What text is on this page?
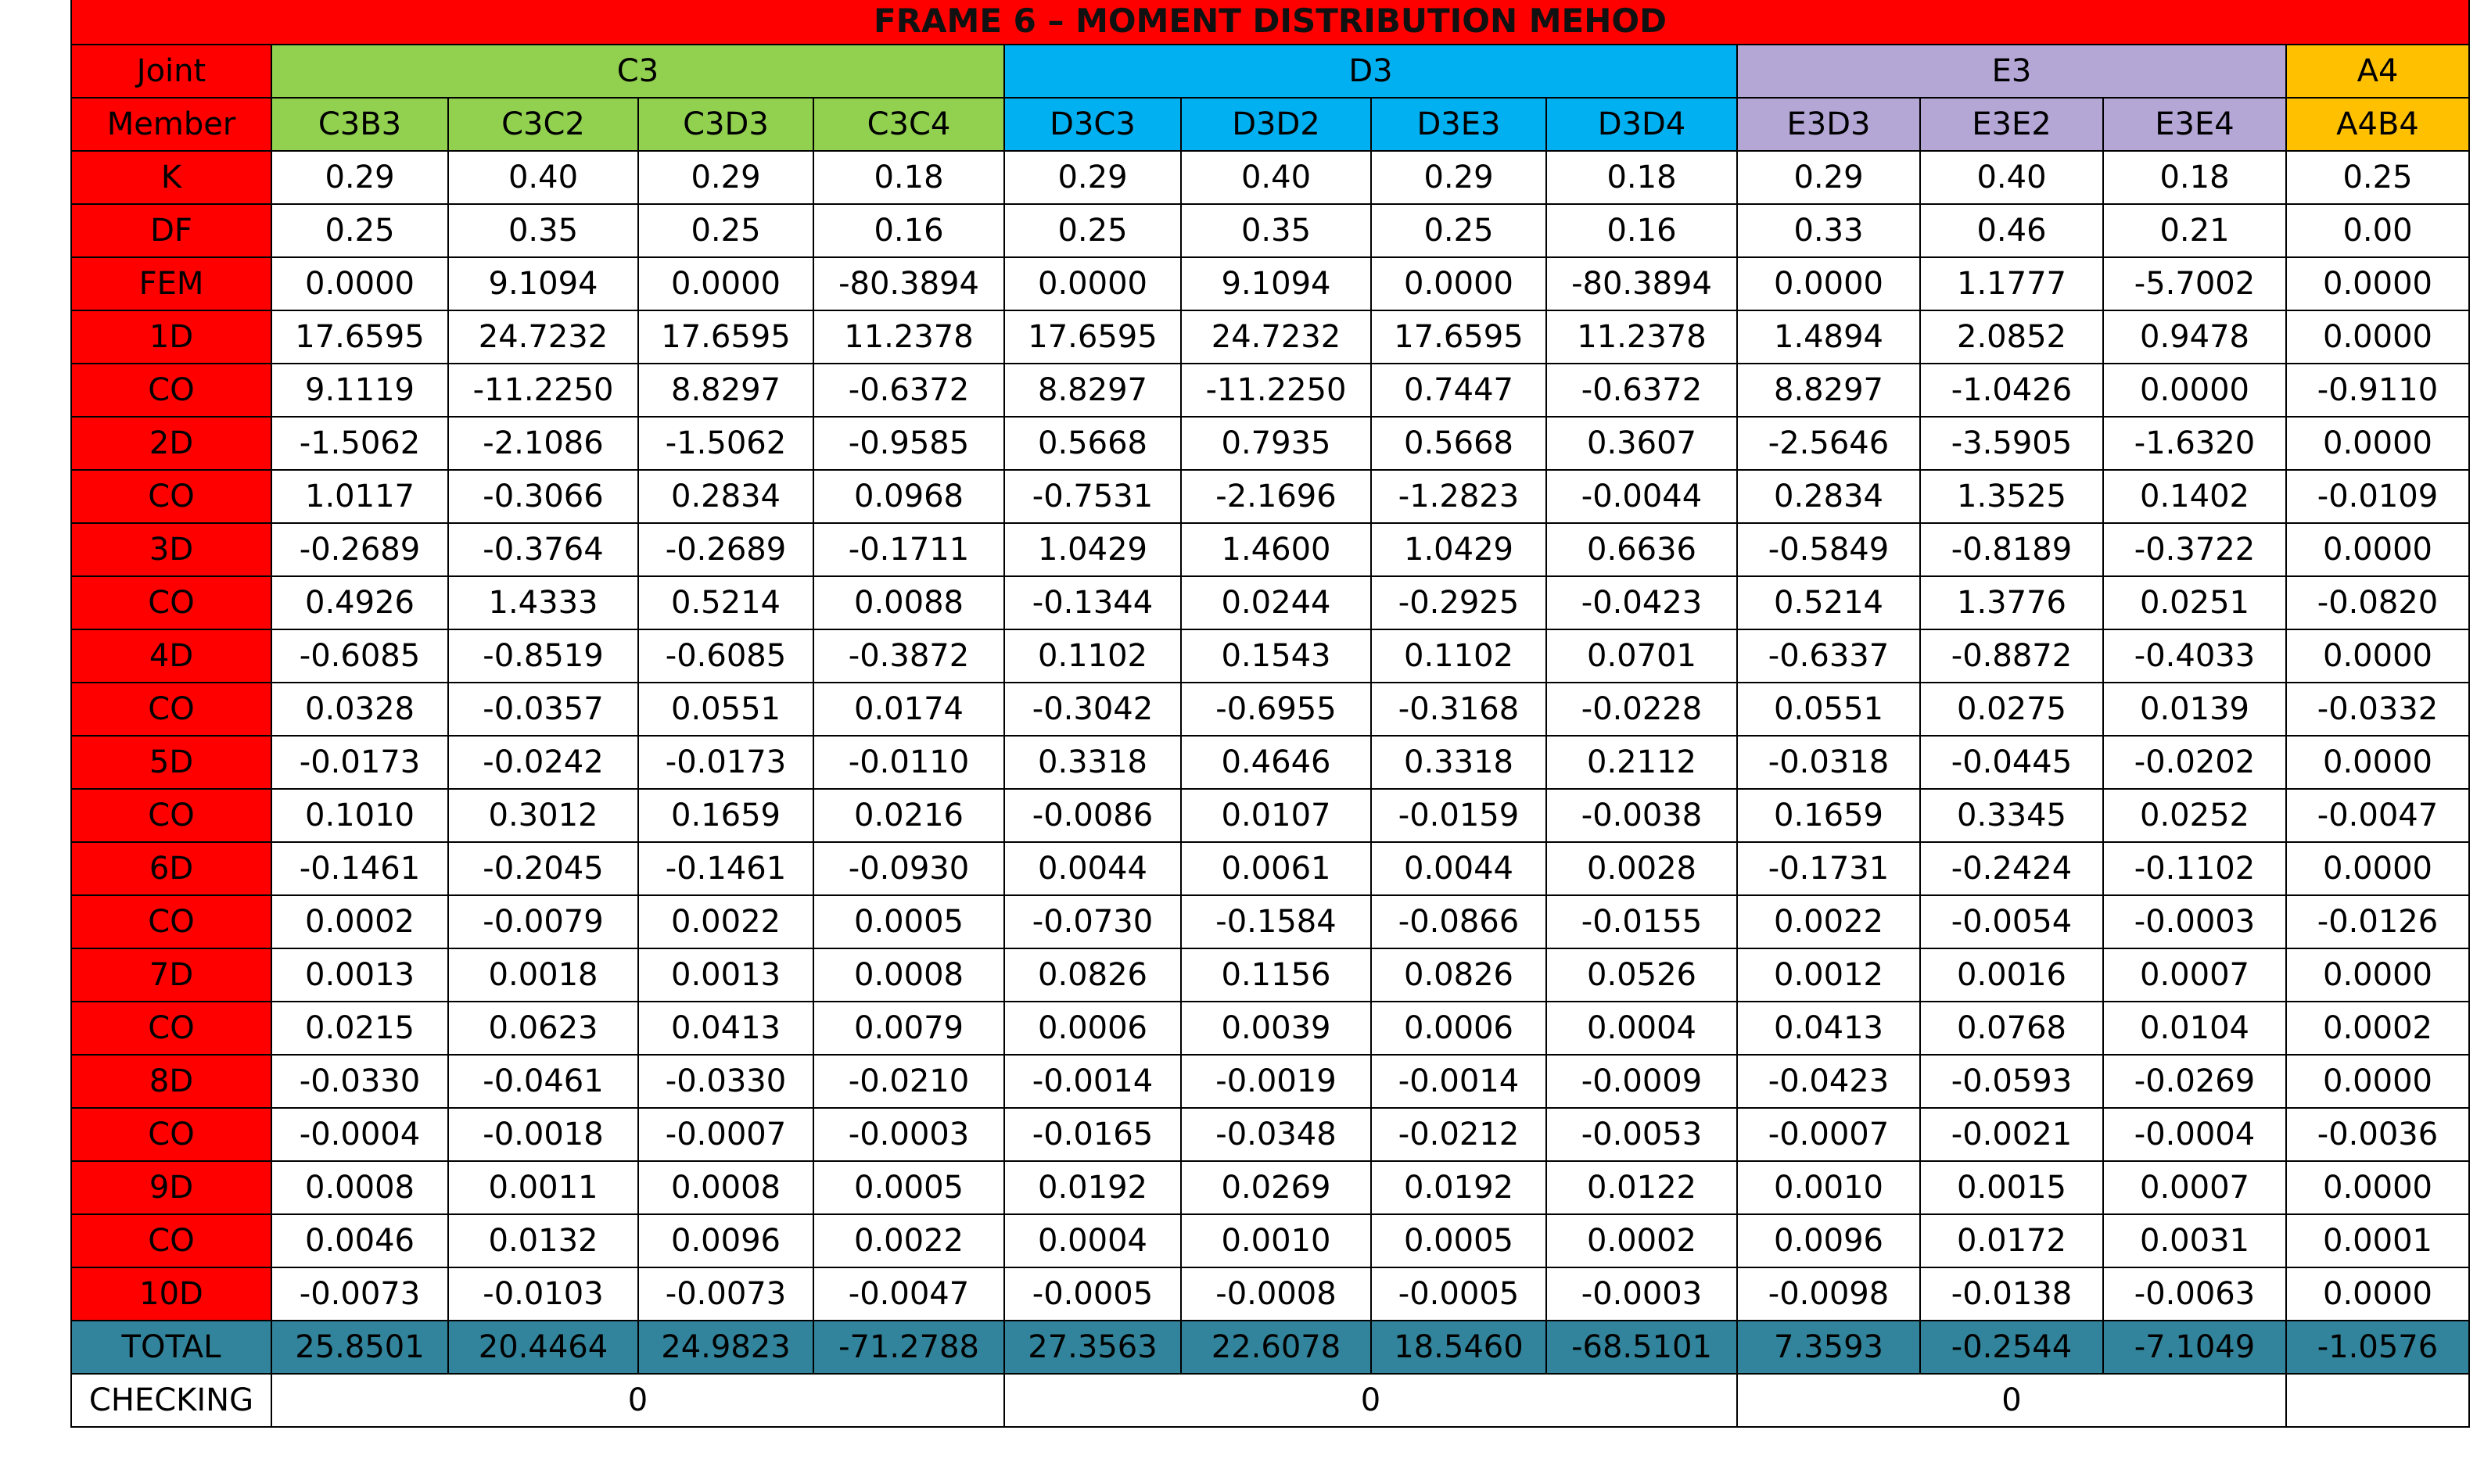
FRAME 6 – MOMENT DISTRIBUTION MEHOD												
Joint	C3				D3				E3			A4
Member	C3B3	C3C2	C3D3	C3C4	D3C3	D3D2	D3E3	D3D4	E3D3	E3E2	E3E4	A4B4
K	0.29	0.40	0.29	0.18	0.29	0.40	0.29	0.18	0.29	0.40	0.18	0.25
DF	0.25	0.35	0.25	0.16	0.25	0.35	0.25	0.16	0.33	0.46	0.21	0.00
FEM	0.0000	9.1094	0.0000	-80.3894	0.0000	9.1094	0.0000	-80.3894	0.0000	1.1777	-5.7002	0.0000
1D	17.6595	24.7232	17.6595	11.2378	17.6595	24.7232	17.6595	11.2378	1.4894	2.0852	0.9478	0.0000
CO	9.1119	-11.2250	8.8297	-0.6372	8.8297	-11.2250	0.7447	-0.6372	8.8297	-1.0426	0.0000	-0.9110
2D	-1.5062	-2.1086	-1.5062	-0.9585	0.5668	0.7935	0.5668	0.3607	-2.5646	-3.5905	-1.6320	0.0000
CO	1.0117	-0.3066	0.2834	0.0968	-0.7531	-2.1696	-1.2823	-0.0044	0.2834	1.3525	0.1402	-0.0109
3D	-0.2689	-0.3764	-0.2689	-0.1711	1.0429	1.4600	1.0429	0.6636	-0.5849	-0.8189	-0.3722	0.0000
CO	0.4926	1.4333	0.5214	0.0088	-0.1344	0.0244	-0.2925	-0.0423	0.5214	1.3776	0.0251	-0.0820
4D	-0.6085	-0.8519	-0.6085	-0.3872	0.1102	0.1543	0.1102	0.0701	-0.6337	-0.8872	-0.4033	0.0000
CO	0.0328	-0.0357	0.0551	0.0174	-0.3042	-0.6955	-0.3168	-0.0228	0.0551	0.0275	0.0139	-0.0332
5D	-0.0173	-0.0242	-0.0173	-0.0110	0.3318	0.4646	0.3318	0.2112	-0.0318	-0.0445	-0.0202	0.0000
CO	0.1010	0.3012	0.1659	0.0216	-0.0086	0.0107	-0.0159	-0.0038	0.1659	0.3345	0.0252	-0.0047
6D	-0.1461	-0.2045	-0.1461	-0.0930	0.0044	0.0061	0.0044	0.0028	-0.1731	-0.2424	-0.1102	0.0000
CO	0.0002	-0.0079	0.0022	0.0005	-0.0730	-0.1584	-0.0866	-0.0155	0.0022	-0.0054	-0.0003	-0.0126
7D	0.0013	0.0018	0.0013	0.0008	0.0826	0.1156	0.0826	0.0526	0.0012	0.0016	0.0007	0.0000
CO	0.0215	0.0623	0.0413	0.0079	0.0006	0.0039	0.0006	0.0004	0.0413	0.0768	0.0104	0.0002
8D	-0.0330	-0.0461	-0.0330	-0.0210	-0.0014	-0.0019	-0.0014	-0.0009	-0.0423	-0.0593	-0.0269	0.0000
CO	-0.0004	-0.0018	-0.0007	-0.0003	-0.0165	-0.0348	-0.0212	-0.0053	-0.0007	-0.0021	-0.0004	-0.0036
9D	0.0008	0.0011	0.0008	0.0005	0.0192	0.0269	0.0192	0.0122	0.0010	0.0015	0.0007	0.0000
CO	0.0046	0.0132	0.0096	0.0022	0.0004	0.0010	0.0005	0.0002	0.0096	0.0172	0.0031	0.0001
10D	-0.0073	-0.0103	-0.0073	-0.0047	-0.0005	-0.0008	-0.0005	-0.0003	-0.0098	-0.0138	-0.0063	0.0000
TOTAL	25.8501	20.4464	24.9823	-71.2788	27.3563	22.6078	18.5460	-68.5101	7.3593	-0.2544	-7.1049	-1.0576
CHECKING	0				0				0			
